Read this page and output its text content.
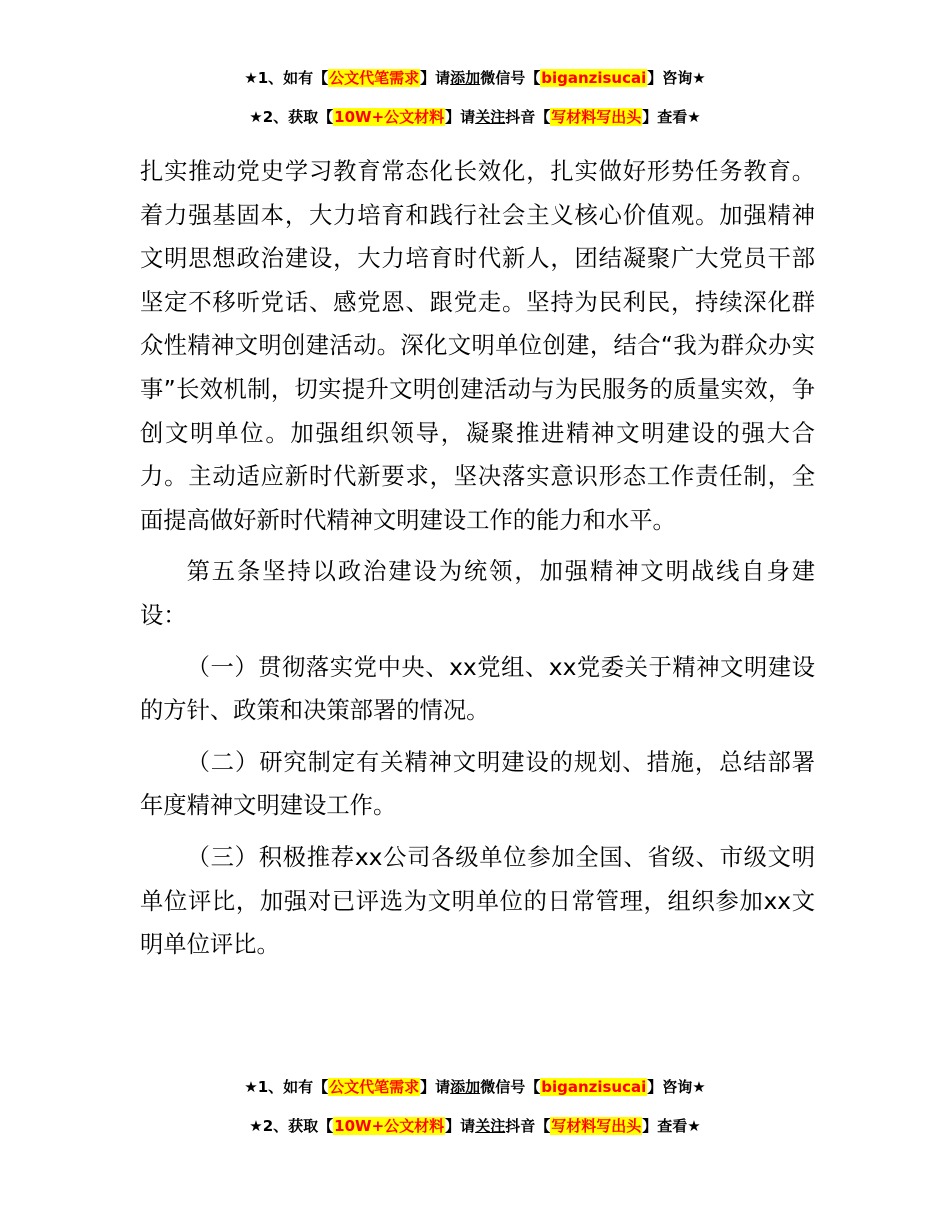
★1、如有【公文代笔需求】请添加微信号【biganzisucai】咨询★
★2、获取【10W+公文材料】请关注抖音【写材料写出头】查看★

扎实推动党史学习教育常态化长效化，扎实做好形势任务教育。着力强基固本，大力培育和践行社会主义核心价值观。加强精神文明思想政治建设，大力培育时代新人，团结凝聚广大党员干部坚定不移听党话、感党恩、跟党走。坚持为民利民，持续深化群众性精神文明创建活动。深化文明单位创建，结合“我为群众办实事”长效机制，切实提升文明创建活动与为民服务的质量实效，争创文明单位。加强组织领导，凝聚推进精神文明建设的强大合力。主动适应新时代新要求，坚决落实意识形态工作责任制，全面提高做好新时代精神文明建设工作的能力和水平。

第五条坚持以政治建设为统领，加强精神文明战线自身建设：

（一）贯彻落实党中央、xx党组、xx党委关于精神文明建设的方针、政策和决策部署的情况。

（二）研究制定有关精神文明建设的规划、措施，总结部署年度精神文明建设工作。

（三）积极推荐xx公司各级单位参加全国、省级、市级文明单位评比，加强对已评选为文明单位的日常管理，组织参加xx文明单位评比。

★1、如有【公文代笔需求】请添加微信号【biganzisucai】咨询★
★2、获取【10W+公文材料】请关注抖音【写材料写出头】查看★
